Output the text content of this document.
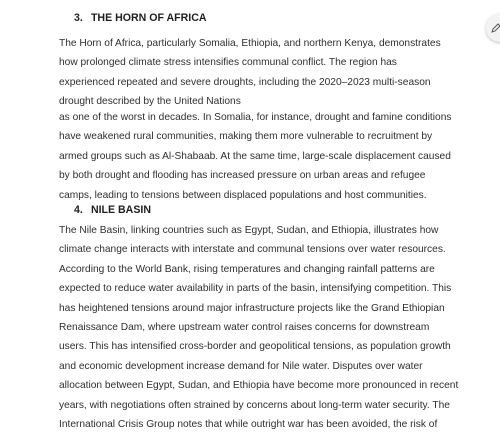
3. THE HORN OF AFRICA
The Horn of Africa, particularly Somalia, Ethiopia, and northern Kenya, demonstrates
how prolonged climate stress intensifies communal conflict. The region has
experienced repeated and severe droughts, including the 2020–2023 multi-season
drought described by the United Nations
as one of the worst in decades. In Somalia, for instance, drought and famine conditions
have weakened rural communities, making them more vulnerable to recruitment by
armed groups such as Al-Shabaab. At the same time, large-scale displacement caused
by both drought and flooding has increased pressure on urban areas and refugee
camps, leading to tensions between displaced populations and host communities.
4. NILE BASIN
The Nile Basin, linking countries such as Egypt, Sudan, and Ethiopia, illustrates how
climate change interacts with interstate and communal tensions over water resources.
According to the World Bank, rising temperatures and changing rainfall patterns are
expected to reduce water availability in parts of the basin, intensifying competition. This
has heightened tensions around major infrastructure projects like the Grand Ethiopian
Renaissance Dam, where upstream water control raises concerns for downstream
users. This has intensified cross-border and geopolitical tensions, as population growth
and economic development increase demand for Nile water. Disputes over water
allocation between Egypt, Sudan, and Ethiopia have become more pronounced in recent
years, with negotiations often strained by concerns about long-term water security. The
International Crisis Group notes that while outright war has been avoided, the risk of
